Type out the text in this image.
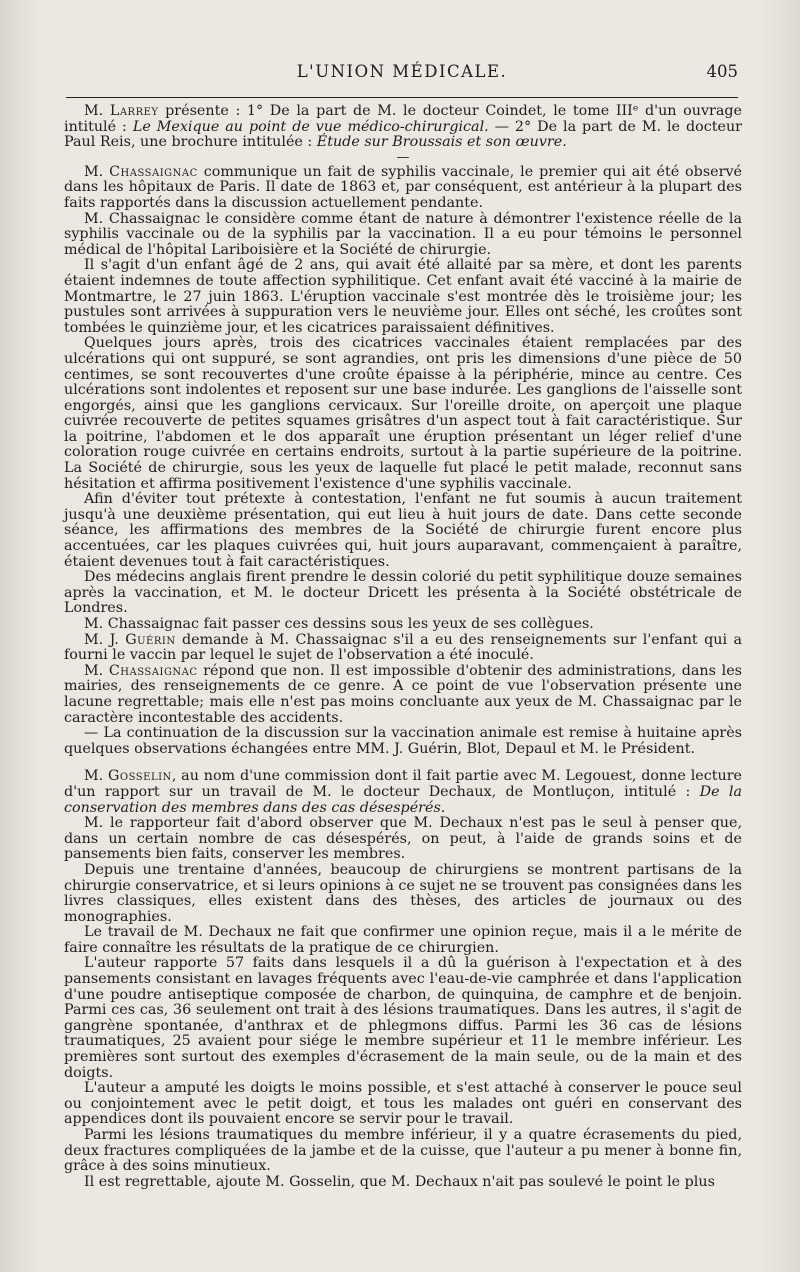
L'UNION MÉDICALE.	405

M. Larrey présente : 1° De la part de M. le docteur Coindet, le tome IIIᵉ d'un ouvrage intitulé : Le Mexique au point de vue médico-chirurgical. — 2° De la part de M. le docteur Paul Reis, une brochure intitulée : Étude sur Broussais et son œuvre.

—

M. Chassaignac communique un fait de syphilis vaccinale, le premier qui ait été observé dans les hôpitaux de Paris. Il date de 1863 et, par conséquent, est antérieur à la plupart des faits rapportés dans la discussion actuellement pendante.

M. Chassaignac le considère comme étant de nature à démontrer l'existence réelle de la syphilis vaccinale ou de la syphilis par la vaccination. Il a eu pour témoins le personnel médical de l'hôpital Lariboisière et la Société de chirurgie.

Il s'agit d'un enfant âgé de 2 ans, qui avait été allaité par sa mère, et dont les parents étaient indemnes de toute affection syphilitique. Cet enfant avait été vacciné à la mairie de Montmartre, le 27 juin 1863. L'éruption vaccinale s'est montrée dès le troisième jour; les pustules sont arrivées à suppuration vers le neuvième jour. Elles ont séché, les croûtes sont tombées le quinzième jour, et les cicatrices paraissaient définitives.

Quelques jours après, trois des cicatrices vaccinales étaient remplacées par des ulcérations qui ont suppuré, se sont agrandies, ont pris les dimensions d'une pièce de 50 centimes, se sont recouvertes d'une croûte épaisse à la périphérie, mince au centre. Ces ulcérations sont indolentes et reposent sur une base indurée. Les ganglions de l'aisselle sont engorgés, ainsi que les ganglions cervicaux. Sur l'oreille droite, on aperçoit une plaque cuivrée recouverte de petites squames grisâtres d'un aspect tout à fait caractéristique. Sur la poitrine, l'abdomen et le dos apparaît une éruption présentant un léger relief d'une coloration rouge cuivrée en certains endroits, surtout à la partie supérieure de la poitrine. La Société de chirurgie, sous les yeux de laquelle fut placé le petit malade, reconnut sans hésitation et affirma positivement l'existence d'une syphilis vaccinale.

Afin d'éviter tout prétexte à contestation, l'enfant ne fut soumis à aucun traitement jusqu'à une deuxième présentation, qui eut lieu à huit jours de date. Dans cette seconde séance, les affirmations des membres de la Société de chirurgie furent encore plus accentuées, car les plaques cuivrées qui, huit jours auparavant, commençaient à paraître, étaient devenues tout à fait caractéristiques.

Des médecins anglais firent prendre le dessin colorié du petit syphilitique douze semaines après la vaccination, et M. le docteur Dricett les présenta à la Société obstétricale de Londres.

M. Chassaignac fait passer ces dessins sous les yeux de ses collègues.

M. J. Guérin demande à M. Chassaignac s'il a eu des renseignements sur l'enfant qui a fourni le vaccin par lequel le sujet de l'observation a été inoculé.

M. Chassaignac répond que non. Il est impossible d'obtenir des administrations, dans les mairies, des renseignements de ce genre. A ce point de vue l'observation présente une lacune regrettable; mais elle n'est pas moins concluante aux yeux de M. Chassaignac par le caractère incontestable des accidents.

— La continuation de la discussion sur la vaccination animale est remise à huitaine après quelques observations échangées entre MM. J. Guérin, Blot, Depaul et M. le Président.

M. Gosselin, au nom d'une commission dont il fait partie avec M. Legouest, donne lecture d'un rapport sur un travail de M. le docteur Dechaux, de Montluçon, intitulé : De la conservation des membres dans des cas désespérés.

M. le rapporteur fait d'abord observer que M. Dechaux n'est pas le seul à penser que, dans un certain nombre de cas désespérés, on peut, à l'aide de grands soins et de pansements bien faits, conserver les membres.

Depuis une trentaine d'années, beaucoup de chirurgiens se montrent partisans de la chirurgie conservatrice, et si leurs opinions à ce sujet ne se trouvent pas consignées dans les livres classiques, elles existent dans des thèses, des articles de journaux ou des monographies.

Le travail de M. Dechaux ne fait que confirmer une opinion reçue, mais il a le mérite de faire connaître les résultats de la pratique de ce chirurgien.

L'auteur rapporte 57 faits dans lesquels il a dû la guérison à l'expectation et à des pansements consistant en lavages fréquents avec l'eau-de-vie camphrée et dans l'application d'une poudre antiseptique composée de charbon, de quinquina, de camphre et de benjoin. Parmi ces cas, 36 seulement ont trait à des lésions traumatiques. Dans les autres, il s'agit de gangrène spontanée, d'anthrax et de phlegmons diffus. Parmi les 36 cas de lésions traumatiques, 25 avaient pour siége le membre supérieur et 11 le membre inférieur. Les premières sont surtout des exemples d'écrasement de la main seule, ou de la main et des doigts.

L'auteur a amputé les doigts le moins possible, et s'est attaché à conserver le pouce seul ou conjointement avec le petit doigt, et tous les malades ont guéri en conservant des appendices dont ils pouvaient encore se servir pour le travail.

Parmi les lésions traumatiques du membre inférieur, il y a quatre écrasements du pied, deux fractures compliquées de la jambe et de la cuisse, que l'auteur a pu mener à bonne fin, grâce à des soins minutieux.

Il est regrettable, ajoute M. Gosselin, que M. Dechaux n'ait pas soulevé le point le plus
